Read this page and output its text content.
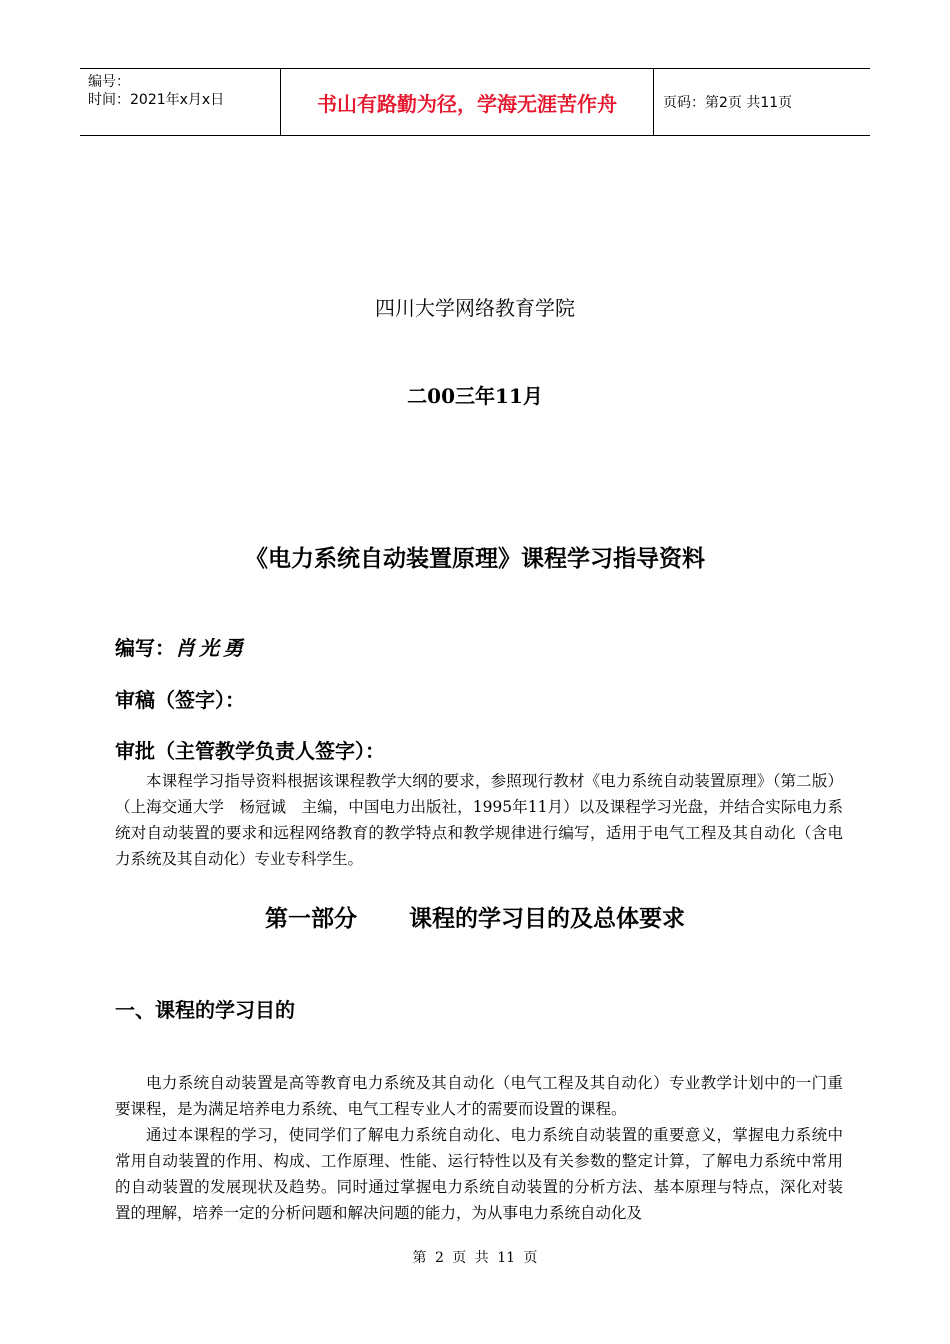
编号：
时间：2021年x月x日	书山有路勤为径，学海无涯苦作舟	页码：第2页 共11页
四川大学网络教育学院
二00三年11月
《电力系统自动装置原理》课程学习指导资料
编写：肖光勇
审稿（签字）：
审批（主管教学负责人签字）：

本课程学习指导资料根据该课程教学大纲的要求，参照现行教材《电力系统自动装置原理》（第二版）（上海交通大学　杨冠诚　主编，中国电力出版社，1995年11月）以及课程学习光盘，并结合实际电力系统对自动装置的要求和远程网络教育的教学特点和教学规律进行编写，适用于电气工程及其自动化（含电力系统及其自动化）专业专科学生。

第一部分 课程的学习目的及总体要求
一、课程的学习目的

电力系统自动装置是高等教育电力系统及其自动化（电气工程及其自动化）专业教学计划中的一门重要课程，是为满足培养电力系统、电气工程专业人才的需要而设置的课程。

通过本课程的学习，使同学们了解电力系统自动化、电力系统自动装置的重要意义，掌握电力系统中常用自动装置的作用、构成、工作原理、性能、运行特性以及有关参数的整定计算，了解电力系统中常用的自动装置的发展现状及趋势。同时通过掌握电力系统自动装置的分析方法、基本原理与特点，深化对装置的理解，培养一定的分析问题和解决问题的能力，为从事电力系统自动化及

第 2 页 共 11 页
